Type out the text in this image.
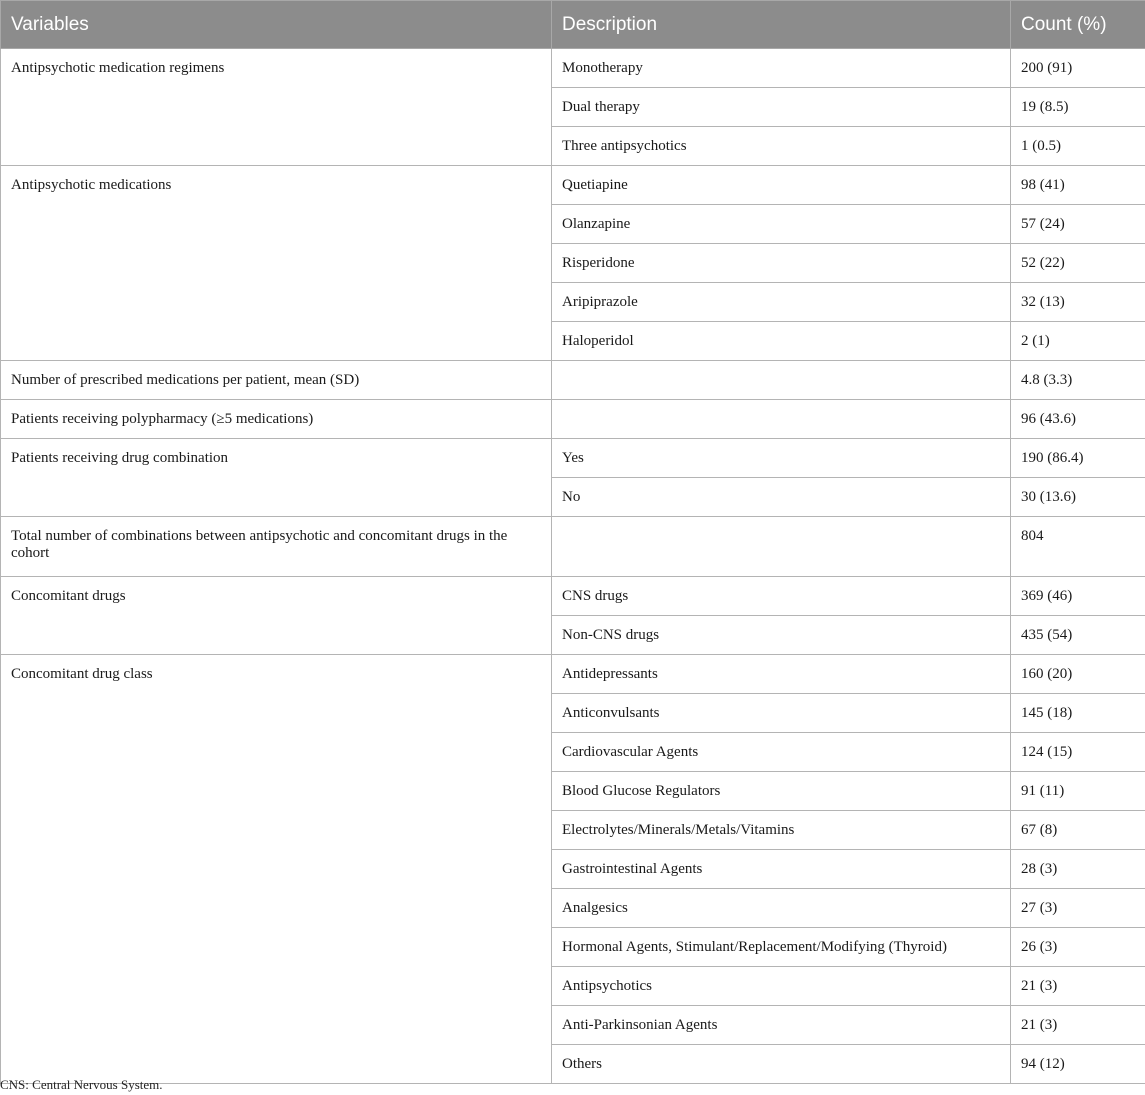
Variables	Description	Count (%)
Antipsychotic medication regimens	Monotherapy	200 (91)
	Dual therapy	19 (8.5)
	Three antipsychotics	1 (0.5)
Antipsychotic medications	Quetiapine	98 (41)
	Olanzapine	57 (24)
	Risperidone	52 (22)
	Aripiprazole	32 (13)
	Haloperidol	2 (1)
Number of prescribed medications per patient, mean (SD)		4.8 (3.3)
Patients receiving polypharmacy (≥5 medications)		96 (43.6)
Patients receiving drug combination	Yes	190 (86.4)
	No	30 (13.6)
Total number of combinations between antipsychotic and concomitant drugs in the cohort		804
Concomitant drugs	CNS drugs	369 (46)
	Non-CNS drugs	435 (54)
Concomitant drug class	Antidepressants	160 (20)
	Anticonvulsants	145 (18)
	Cardiovascular Agents	124 (15)
	Blood Glucose Regulators	91 (11)
	Electrolytes/Minerals/Metals/Vitamins	67 (8)
	Gastrointestinal Agents	28 (3)
	Analgesics	27 (3)
	Hormonal Agents, Stimulant/Replacement/Modifying (Thyroid)	26 (3)
	Antipsychotics	21 (3)
	Anti-Parkinsonian Agents	21 (3)
	Others	94 (12)
CNS: Central Nervous System.
